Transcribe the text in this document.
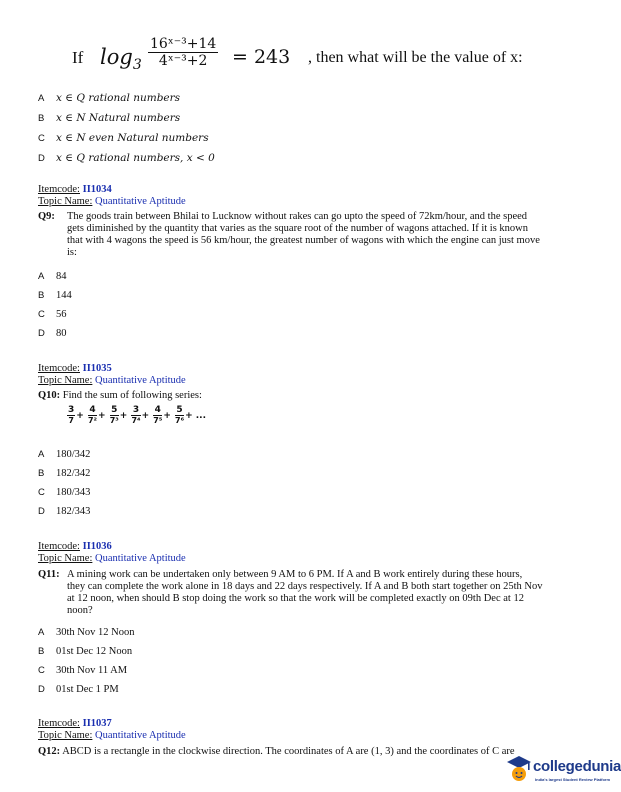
If $\log_3 \frac{\text{16ˣ⁻³+14}}{\text{4ˣ⁻³+2}} = 243$ , then what will be the value of x:
A x ∈ Q rational numbers
B x ∈ N Natural numbers
C x ∈ N even Natural numbers
D x ∈ Q rational numbers, x < 0
Itemcode: II1034
Topic Name: Quantitative Aptitude
Q9: The goods train between Bhilai to Lucknow without rakes can go upto the speed of 72km/hour, and the speed
gets diminished by the quantity that varies as the square root of the number of wagons attached. If it is known
that with 4 wagons the speed is 56 km/hour, the greatest number of wagons with which the engine can just move
is:
A 84
B 144
C 56
D 80
Itemcode: II1035
Topic Name: Quantitative Aptitude
Q10: Find the sum of following series:
$\frac{3}{7} + \frac{4}{\text{7²}} + \frac{5}{\text{7³}} + \frac{3}{\text{7⁴}} + \frac{4}{\text{7⁵}} + \frac{5}{\text{7⁶}}$ + ...
A 180/342
B 182/342
C 180/343
D 182/343
Itemcode: II1036
Topic Name: Quantitative Aptitude
Q11: A mining work can be undertaken only between 9 AM to 6 PM. If A and B work entirely during these hours,
they can complete the work alone in 18 days and 22 days respectively. If A and B both start together on 25th Nov
at 12 noon, when should B stop doing the work so that the work will be completed exactly on 09th Dec at 12
noon?
A 30th Nov 12 Noon
B 01st Dec 12 Noon
C 30th Nov 11 AM
D 01st Dec 1 PM
Itemcode: II1037
Topic Name: Quantitative Aptitude
Q12: ABCD is a rectangle in the clockwise direction. The coordinates of A are (1, 3) and the coordinates of C are
collegedunia
India's largest Student Review Platform
